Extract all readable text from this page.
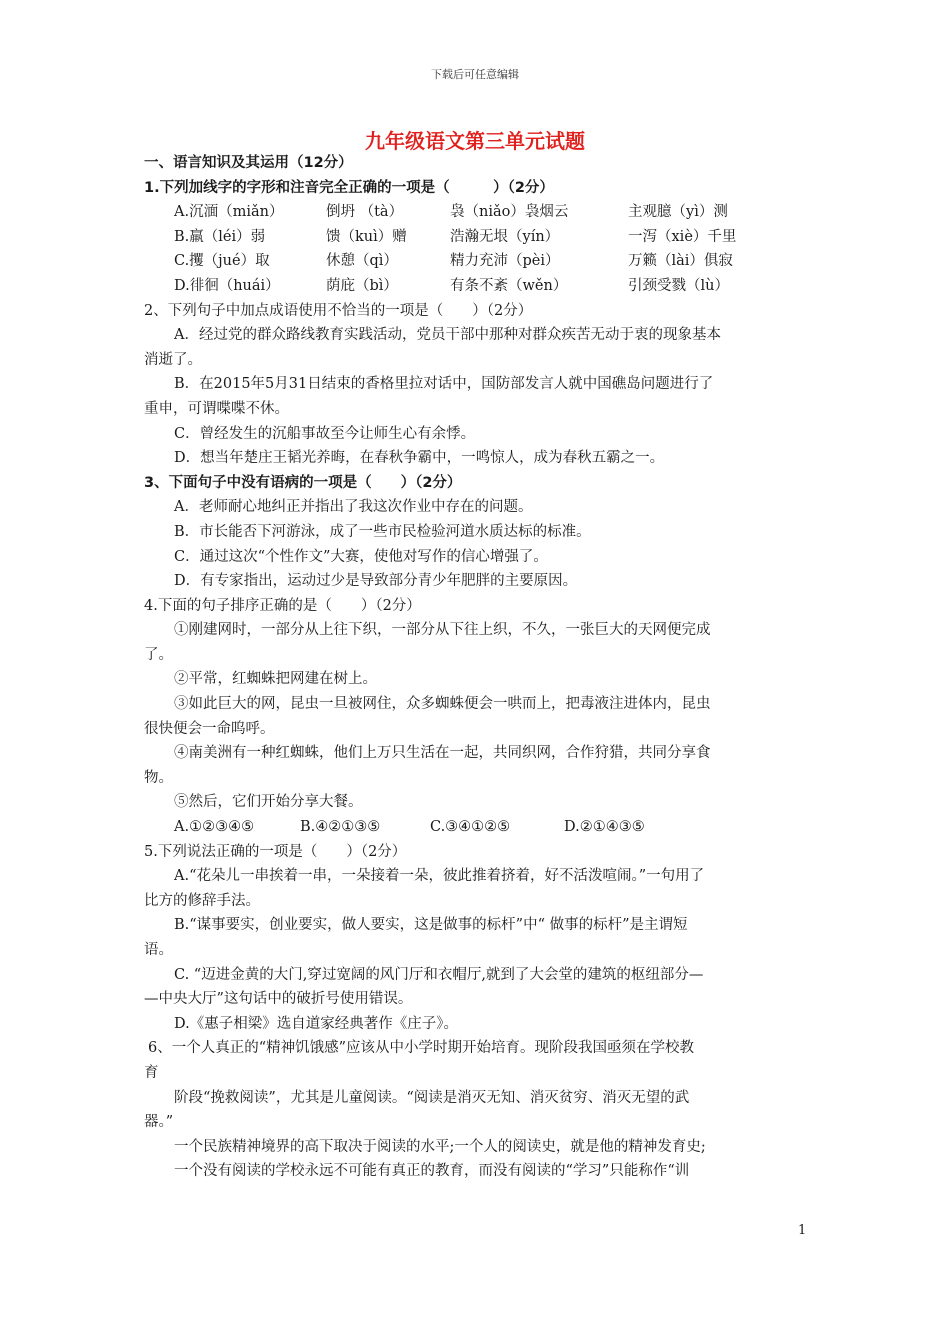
下载后可任意编辑
九年级语文第三单元试题
一、语言知识及其运用（12分）
1.下列加线字的字形和注音完全正确的一项是（　　　）（2分）
A.沉湎（miǎn）	倒坍 （tà）	袅（niǎo）袅烟云	主观臆（yì）测
B.羸（léi）弱	馈（kuì）赠	浩瀚无垠（yín）	一泻（xiè）千里
C.攫（jué）取	休憩（qì）	精力充沛（pèi）	万籁（lài）俱寂
D.徘徊（huái）	荫庇（bì）	有条不紊（wěn）	引颈受戮（lù）
2、下列句子中加点成语使用不恰当的一项是（　　）（2分）
A．经过党的群众路线教育实践活动，党员干部中那种对群众疾苦无动于衷的现象基本
消逝了。
B．在2015年5月31日结束的香格里拉对话中，国防部发言人就中国礁岛问题进行了
重申，可谓喋喋不休。
C．曾经发生的沉船事故至今让师生心有余悸。
D．想当年楚庄王韬光养晦，在春秋争霸中，一鸣惊人，成为春秋五霸之一。
3、下面句子中没有语病的一项是（　　）（2分）
A．老师耐心地纠正并指出了我这次作业中存在的问题。
B．市长能否下河游泳，成了一些市民检验河道水质达标的标准。
C．通过这次“个性作文”大赛，使他对写作的信心增强了。
D．有专家指出，运动过少是导致部分青少年肥胖的主要原因。
4.下面的句子排序正确的是（　　）（2分）
①刚建网时，一部分从上往下织，一部分从下往上织，不久，一张巨大的天网便完成
了。
②平常，红蜘蛛把网建在树上。
③如此巨大的网，昆虫一旦被网住，众多蜘蛛便会一哄而上，把毒液注进体内，昆虫
很快便会一命呜呼。
④南美洲有一种红蜘蛛，他们上万只生活在一起，共同织网，合作狩猎，共同分享食
物。
⑤然后，它们开始分享大餐。
A.①②③④⑤	B.④②①③⑤	C.③④①②⑤	D.②①④③⑤
5.下列说法正确的一项是（　　）（2分）
A.“花朵儿一串挨着一串，一朵接着一朵，彼此推着挤着，好不活泼喧闹。”一句用了
比方的修辞手法。
B.“谋事要实，创业要实，做人要实，这是做事的标杆”中“ 做事的标杆”是主谓短
语。
C. “迈进金黄的大门,穿过宽阔的风门厅和衣帽厅,就到了大会堂的建筑的枢纽部分—
—中央大厅”这句话中的破折号使用错误。
D.《惠子相梁》选自道家经典著作《庄子》。
6、一个人真正的“精神饥饿感”应该从中小学时期开始培育。现阶段我国亟须在学校教
育
阶段“挽救阅读”，尤其是儿童阅读。“阅读是消灭无知、消灭贫穷、消灭无望的武
器。”
一个民族精神境界的高下取决于阅读的水平;一个人的阅读史，就是他的精神发育史;
一个没有阅读的学校永远不可能有真正的教育，而没有阅读的“学习”只能称作“训
1
